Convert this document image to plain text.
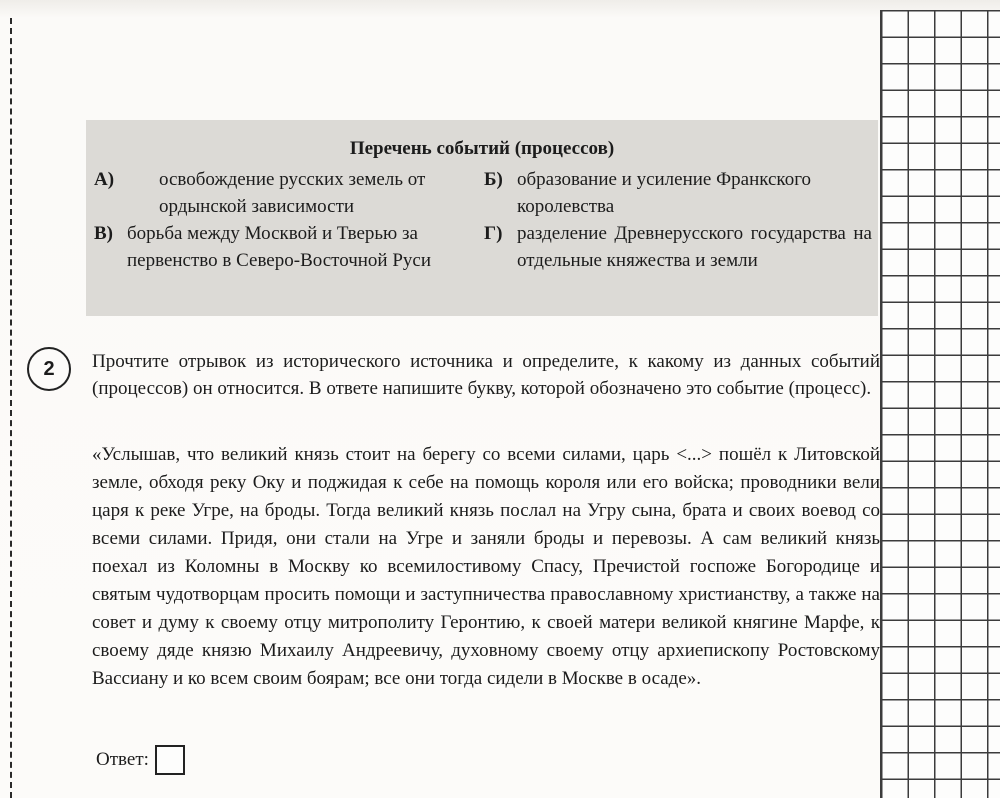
Перечень событий (процессов)
А)	освобождение русских земель от ордынской зависимости
Б) образование и усиление Франкского королевства
В) борьба между Москвой и Тверью за первенство в Северо-Восточной Руси
Г) разделение Древнерусского государства на отдельные княжества и земли
2	Прочтите отрывок из исторического источника и определите, к какому из данных событий (процессов) он относится. В ответе напишите букву, которой обозначено это событие (процесс).
«Услышав, что великий князь стоит на берегу со всеми силами, царь <...> пошёл к Литовской земле, обходя реку Оку и поджидая к себе на помощь короля или его войска; проводники вели царя к реке Угре, на броды. Тогда великий князь послал на Угру сына, брата и своих воевод со всеми силами. Придя, они стали на Угре и заняли броды и перевозы. А сам великий князь поехал из Коломны в Москву ко всемилостивому Спасу, Пречистой госпоже Богородице и святым чудотворцам просить помощи и заступничества православному христианству, а также на совет и думу к своему отцу митрополиту Геронтию, к своей матери великой княгине Марфе, к своему дяде князю Михаилу Андреевичу, духовному своему отцу архиепископу Ростовскому Вассиану и ко всем своим боярам; все они тогда сидели в Москве в осаде».
Ответ:
